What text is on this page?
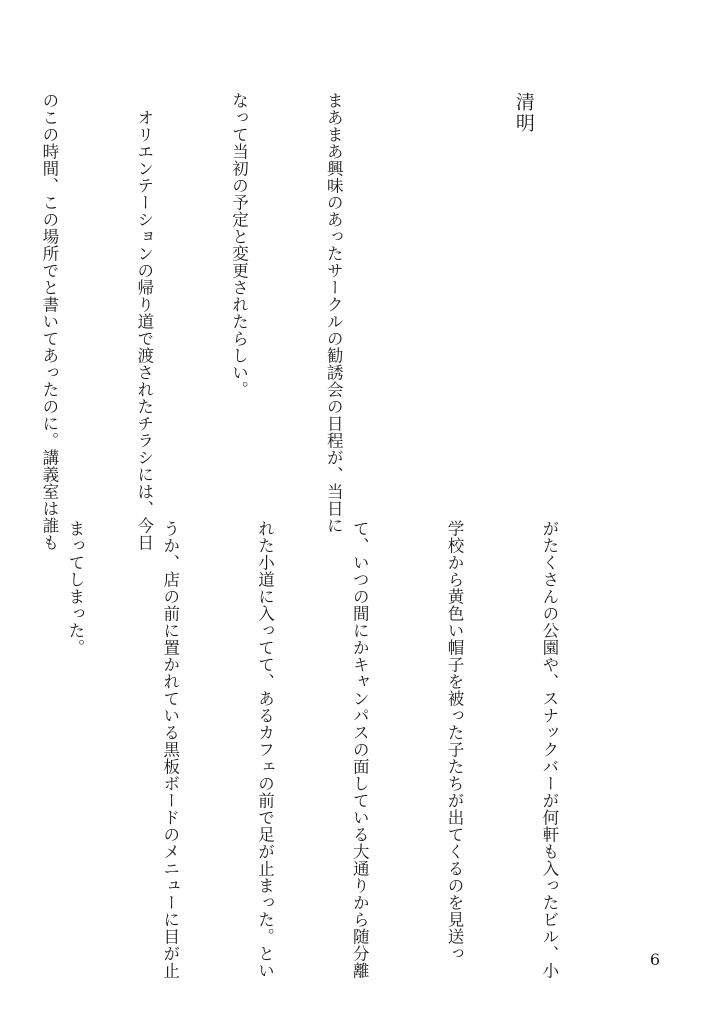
清明

まあまあ興味のあったサークルの勧誘会の日程が、当日に

なって当初の予定と変更されたらしい。

　オリエンテーションの帰り道で渡されたチラシには、今日

のこの時間、この場所でと書いてあったのに。講義室は誰も

がたくさんの公園や、スナックバーが何軒も入ったビル、小

学校から黄色い帽子を被った子たちが出てくるのを見送っ

て、いつの間にかキャンパスの面している大通りから随分離

れた小道に入ってて、あるカフェの前で足が止まった。とい

うか、店の前に置かれている黒板ボードのメニューに目が止

まってしまった。

6
